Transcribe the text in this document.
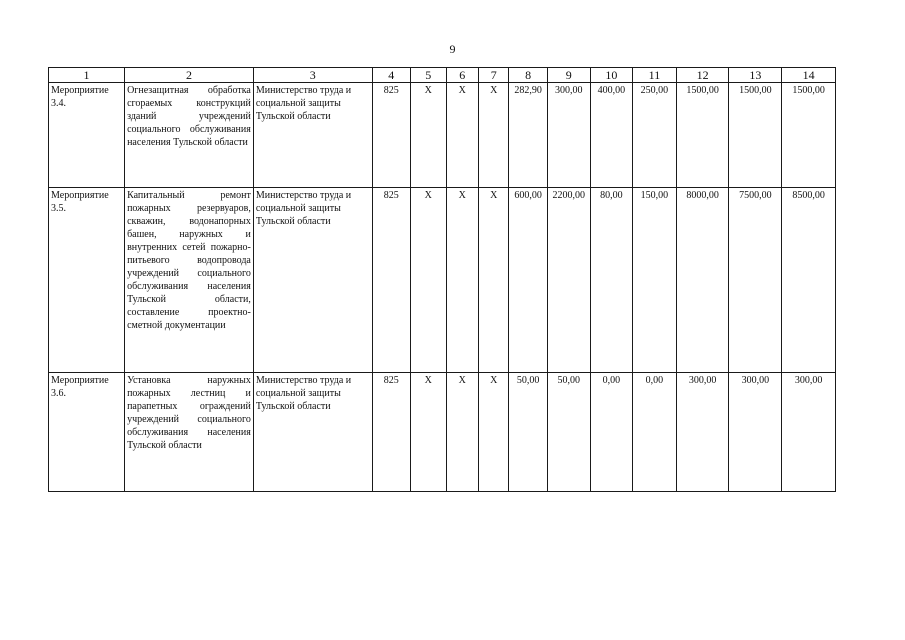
9
1	2	3	4	5	6	7	8	9	10	11	12	13	14
Мероприятие 3.4.	Огнезащитная обработка сгораемых конструкций зданий учреждений социального обслуживания населения Тульской области	Министерство труда и социальной защиты Тульской области	825	X	X	X	282,90	300,00	400,00	250,00	1500,00	1500,00	1500,00
Мероприятие 3.5.	Капитальный ремонт пожарных резервуаров, скважин, водонапорных башен, наружных и внутренних сетей пожарно-питьевого водопровода учреждений социального обслуживания населения Тульской области, составление проектно-сметной документации	Министерство труда и социальной защиты Тульской области	825	X	X	X	600,00	2200,00	80,00	150,00	8000,00	7500,00	8500,00
Мероприятие 3.6.	Установка наружных пожарных лестниц и парапетных ограждений учреждений социального обслуживания населения Тульской области	Министерство труда и социальной защиты Тульской области	825	X	X	X	50,00	50,00	0,00	0,00	300,00	300,00	300,00
